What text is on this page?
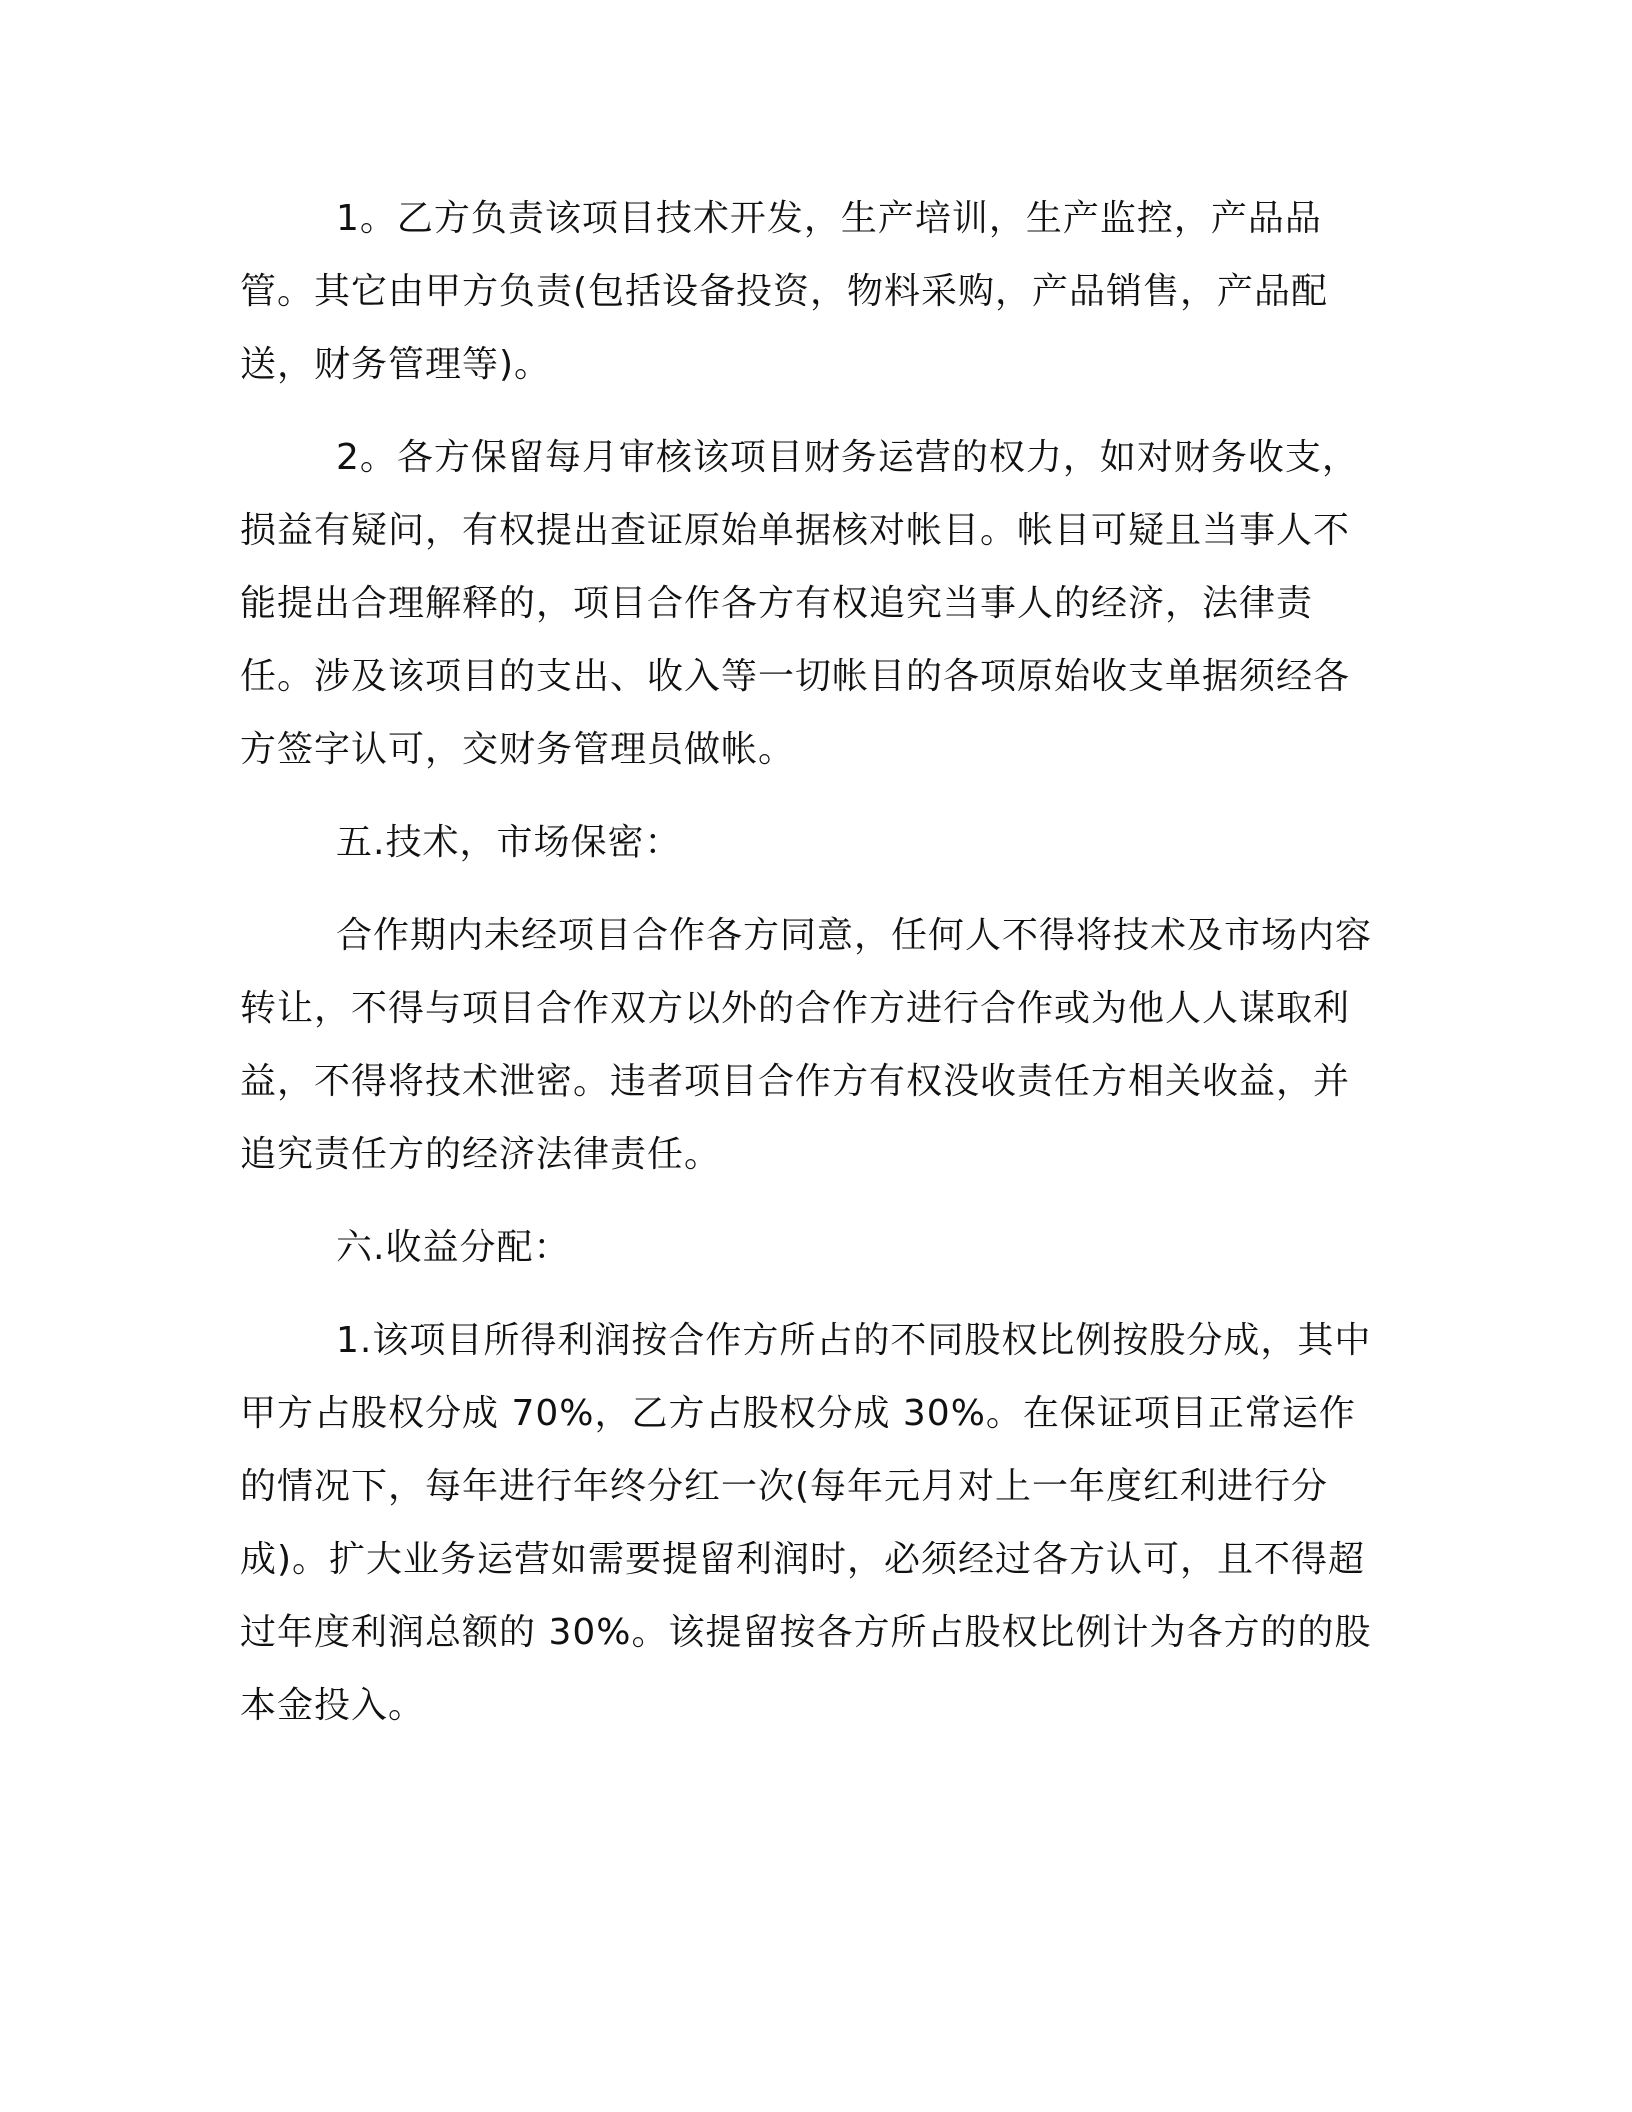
1。乙方负责该项目技术开发，生产培训，生产监控，产品品管。其它由甲方负责(包括设备投资，物料采购，产品销售，产品配送，财务管理等)。

2。各方保留每月审核该项目财务运营的权力，如对财务收支，损益有疑问，有权提出查证原始单据核对帐目。帐目可疑且当事人不能提出合理解释的，项目合作各方有权追究当事人的经济，法律责任。涉及该项目的支出、收入等一切帐目的各项原始收支单据须经各方签字认可，交财务管理员做帐。

五.技术，市场保密：

合作期内未经项目合作各方同意，任何人不得将技术及市场内容转让，不得与项目合作双方以外的合作方进行合作或为他人人谋取利益，不得将技术泄密。违者项目合作方有权没收责任方相关收益，并追究责任方的经济法律责任。

六.收益分配：

1.该项目所得利润按合作方所占的不同股权比例按股分成，其中甲方占股权分成 70%，乙方占股权分成 30%。在保证项目正常运作的情况下，每年进行年终分红一次(每年元月对上一年度红利进行分成)。扩大业务运营如需要提留利润时，必须经过各方认可，且不得超过年度利润总额的 30%。该提留按各方所占股权比例计为各方的的股本金投入。
